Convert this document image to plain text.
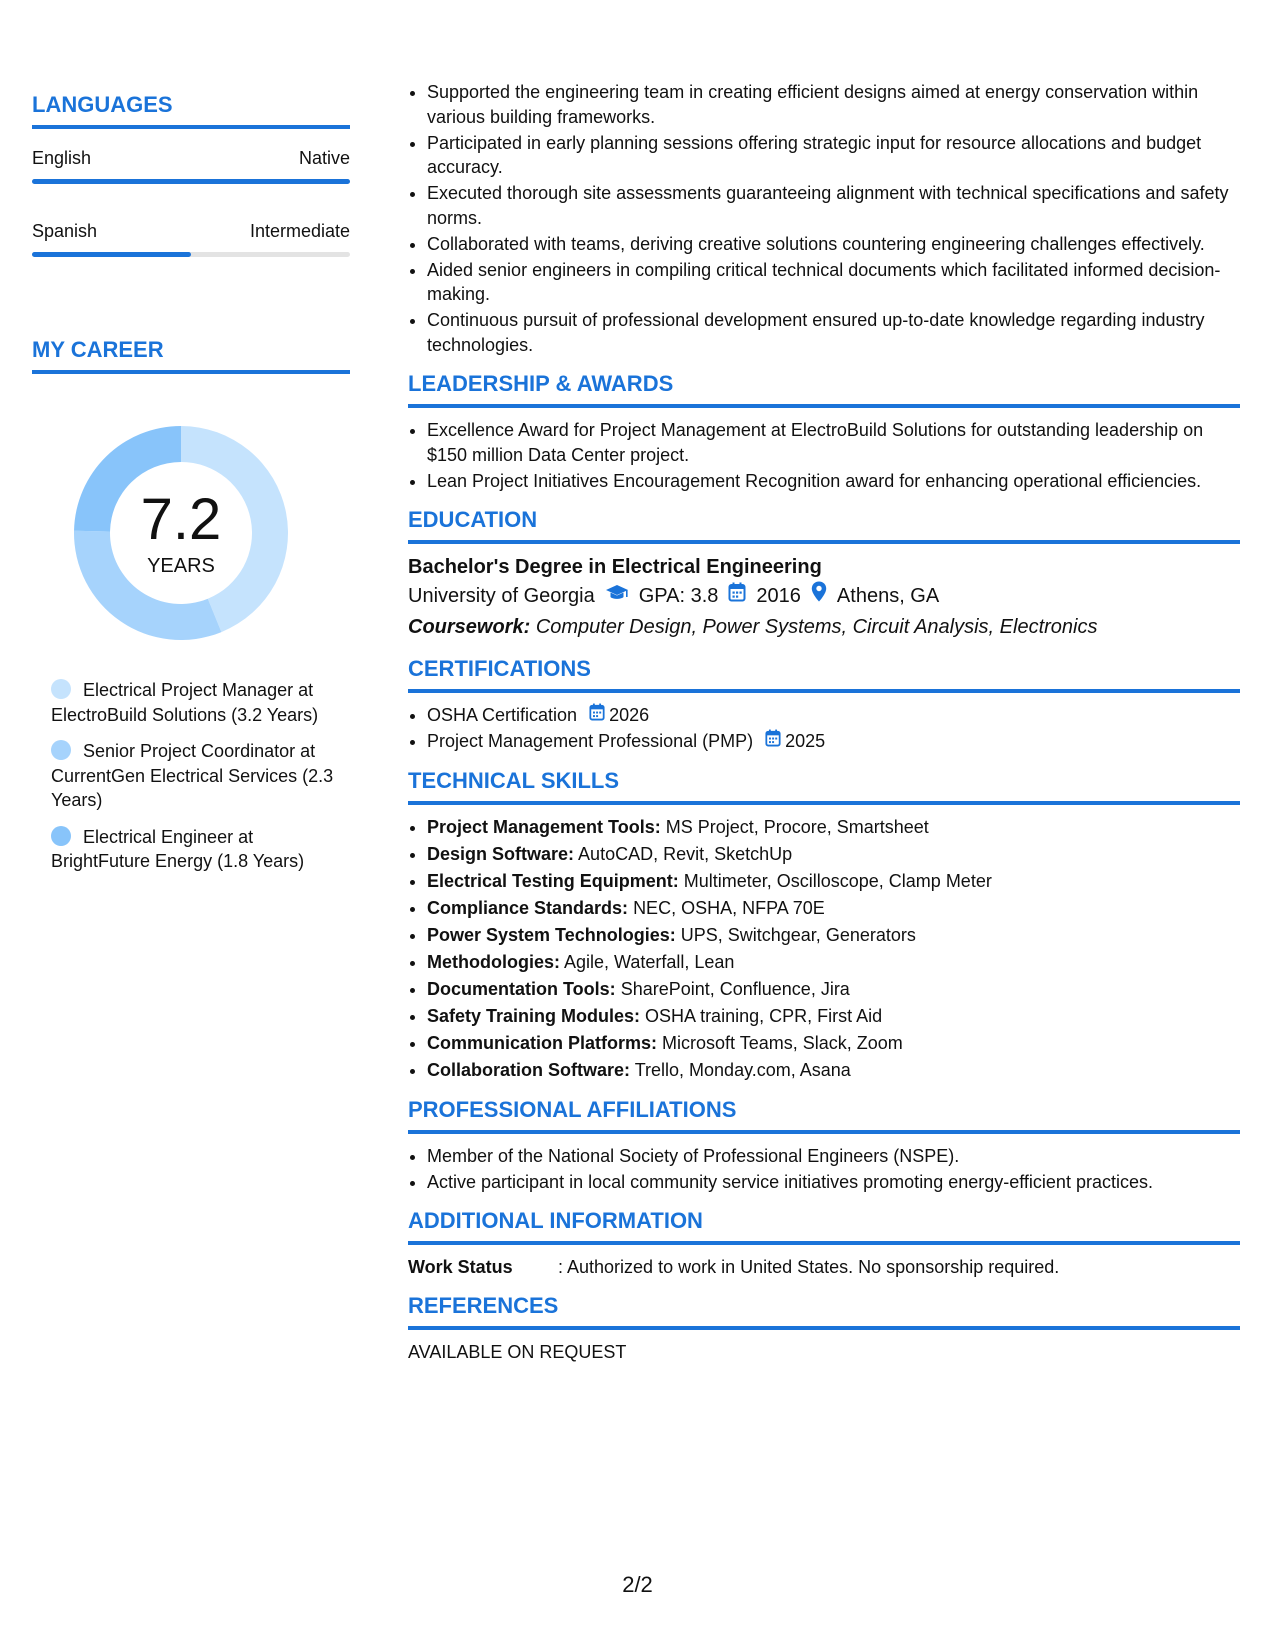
LANGUAGES
English	Native
Spanish	Intermediate
MY CAREER
7.2
YEARS
Electrical Project Manager at ElectroBuild Solutions (3.2 Years)
Senior Project Coordinator at CurrentGen Electrical Services (2.3 Years)
Electrical Engineer at BrightFuture Energy (1.8 Years)
• Supported the engineering team in creating efficient designs aimed at energy conservation within various building frameworks.
• Participated in early planning sessions offering strategic input for resource allocations and budget accuracy.
• Executed thorough site assessments guaranteeing alignment with technical specifications and safety norms.
• Collaborated with teams, deriving creative solutions countering engineering challenges effectively.
• Aided senior engineers in compiling critical technical documents which facilitated informed decision-making.
• Continuous pursuit of professional development ensured up-to-date knowledge regarding industry technologies.
LEADERSHIP & AWARDS
• Excellence Award for Project Management at ElectroBuild Solutions for outstanding leadership on $150 million Data Center project.
• Lean Project Initiatives Encouragement Recognition award for enhancing operational efficiencies.
EDUCATION
Bachelor's Degree in Electrical Engineering
University of Georgia GPA: 3.8 2016 Athens, GA
Coursework: Computer Design, Power Systems, Circuit Analysis, Electronics
CERTIFICATIONS
• OSHA Certification 2026
• Project Management Professional (PMP) 2025
TECHNICAL SKILLS
• Project Management Tools: MS Project, Procore, Smartsheet
• Design Software: AutoCAD, Revit, SketchUp
• Electrical Testing Equipment: Multimeter, Oscilloscope, Clamp Meter
• Compliance Standards: NEC, OSHA, NFPA 70E
• Power System Technologies: UPS, Switchgear, Generators
• Methodologies: Agile, Waterfall, Lean
• Documentation Tools: SharePoint, Confluence, Jira
• Safety Training Modules: OSHA training, CPR, First Aid
• Communication Platforms: Microsoft Teams, Slack, Zoom
• Collaboration Software: Trello, Monday.com, Asana
PROFESSIONAL AFFILIATIONS
• Member of the National Society of Professional Engineers (NSPE).
• Active participant in local community service initiatives promoting energy-efficient practices.
ADDITIONAL INFORMATION
Work Status	: Authorized to work in United States. No sponsorship required.
REFERENCES
AVAILABLE ON REQUEST
2/2
